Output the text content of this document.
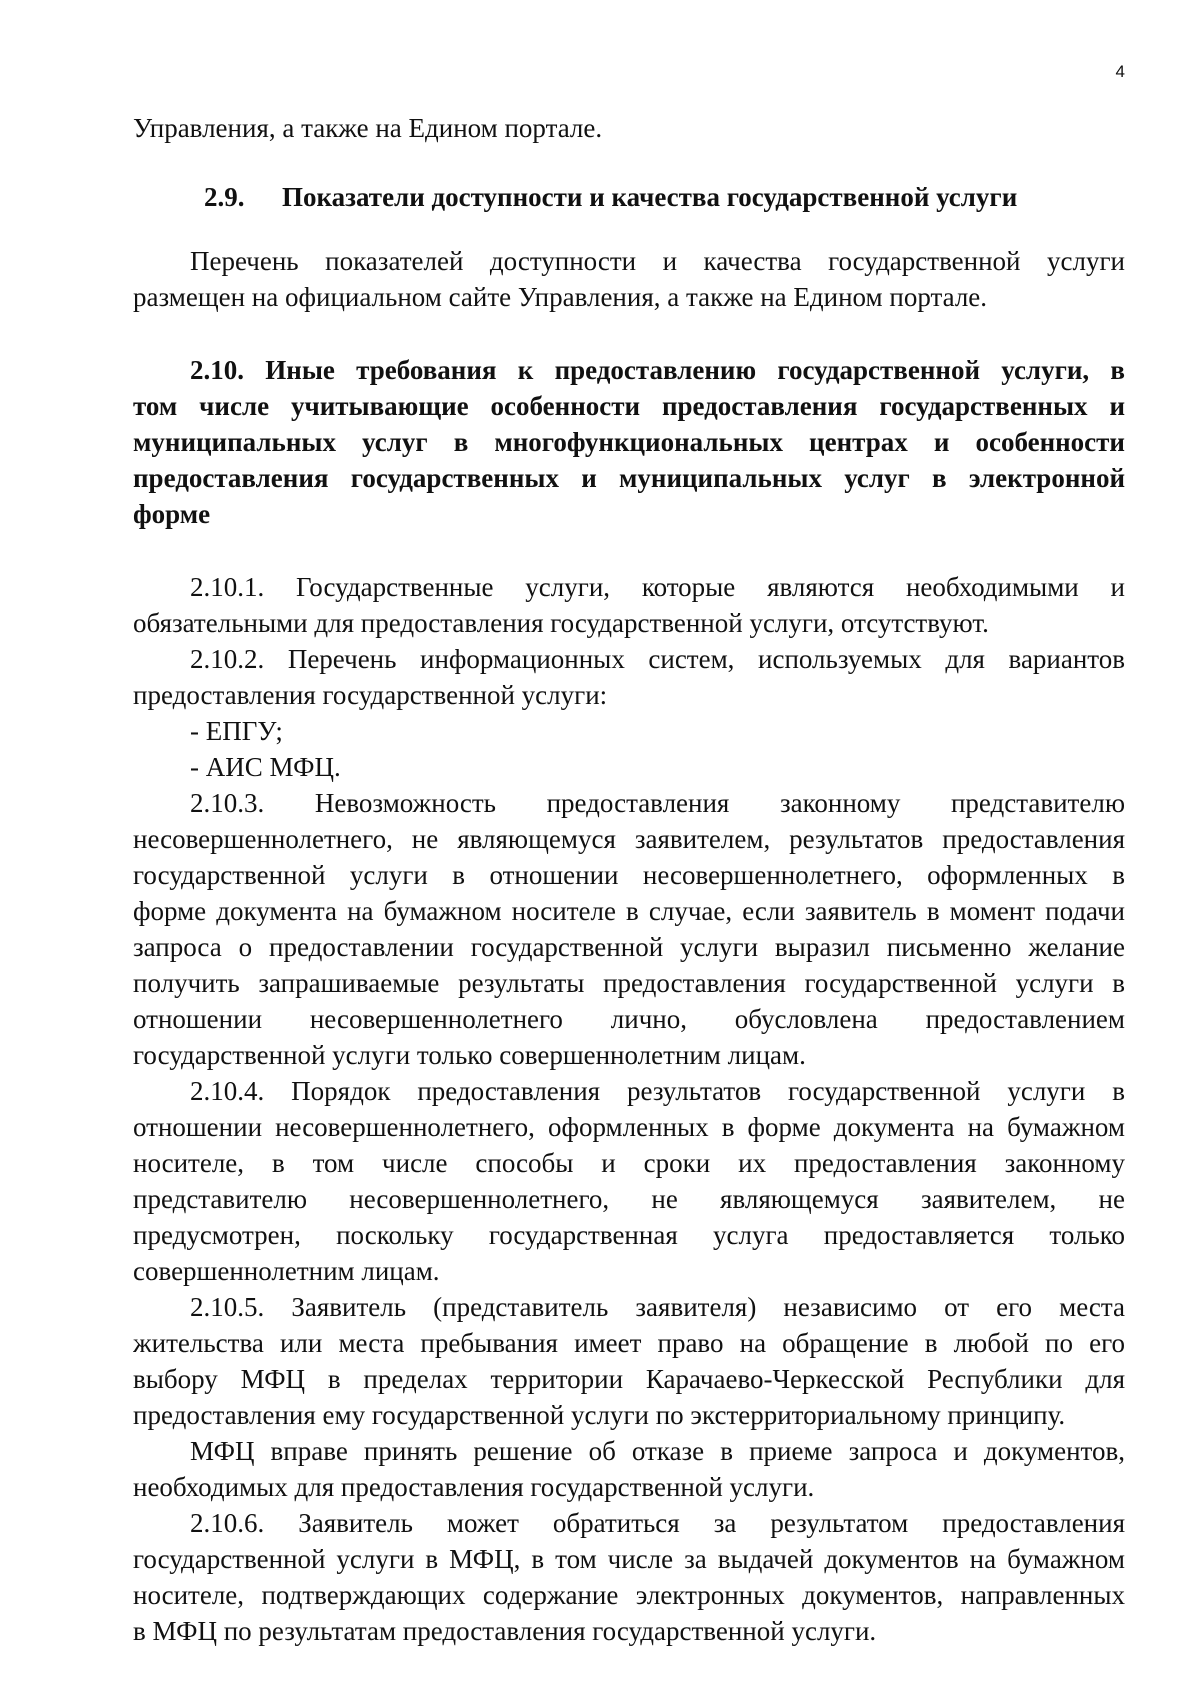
4
Управления, а также на Едином портале.
2.9.	Показатели доступности и качества государственной услуги
Перечень показателей доступности и качества государственной услуги
размещен на официальном сайте Управления, а также на Едином портале.
2.10. Иные требования к предоставлению государственной услуги, в
том числе учитывающие особенности предоставления государственных и
муниципальных услуг в многофункциональных центрах и особенности
предоставления государственных и муниципальных услуг в электронной
форме
2.10.1. Государственные услуги, которые являются необходимыми и
обязательными для предоставления государственной услуги, отсутствуют.
2.10.2. Перечень информационных систем, используемых для вариантов
предоставления государственной услуги:
- ЕПГУ;
- АИС МФЦ.
2.10.3. Невозможность предоставления законному представителю
несовершеннолетнего, не являющемуся заявителем, результатов предоставления
государственной услуги в отношении несовершеннолетнего, оформленных в
форме документа на бумажном носителе в случае, если заявитель в момент подачи
запроса о предоставлении государственной услуги выразил письменно желание
получить запрашиваемые результаты предоставления государственной услуги в
отношении несовершеннолетнего лично, обусловлена предоставлением
государственной услуги только совершеннолетним лицам.
2.10.4. Порядок предоставления результатов государственной услуги в
отношении несовершеннолетнего, оформленных в форме документа на бумажном
носителе, в том числе способы и сроки их предоставления законному
представителю несовершеннолетнего, не являющемуся заявителем, не
предусмотрен, поскольку государственная услуга предоставляется только
совершеннолетним лицам.
2.10.5. Заявитель (представитель заявителя) независимо от его места
жительства или места пребывания имеет право на обращение в любой по его
выбору МФЦ в пределах территории Карачаево-Черкесской Республики для
предоставления ему государственной услуги по экстерриториальному принципу.
МФЦ вправе принять решение об отказе в приеме запроса и документов,
необходимых для предоставления государственной услуги.
2.10.6. Заявитель может обратиться за результатом предоставления
государственной услуги в МФЦ, в том числе за выдачей документов на бумажном
носителе, подтверждающих содержание электронных документов, направленных
в МФЦ по результатам предоставления государственной услуги.
